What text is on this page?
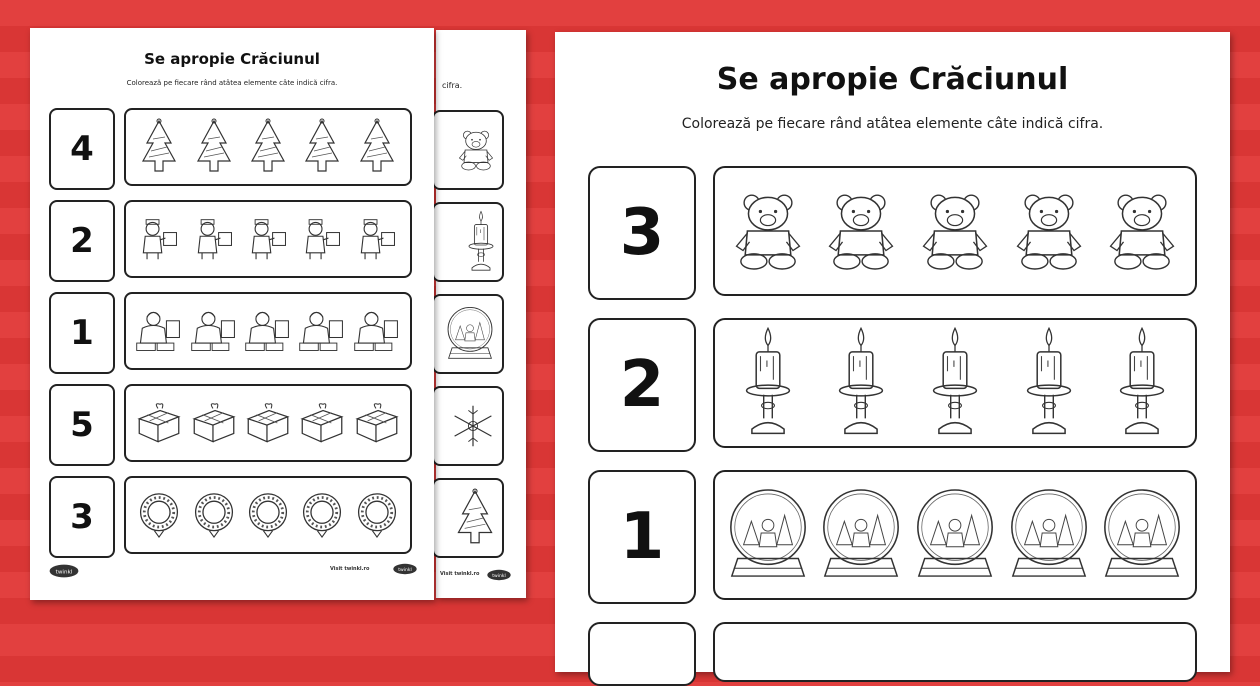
cifra.
Visit twinkl.ro
Se apropie Crăciunul
Colorează pe fiecare rând atâtea elemente câte indică cifra.
4
2
1
5
3
Visit twinkl.ro
Se apropie Crăciunul
Colorează pe fiecare rând atâtea elemente câte indică cifra.
3
2
1
